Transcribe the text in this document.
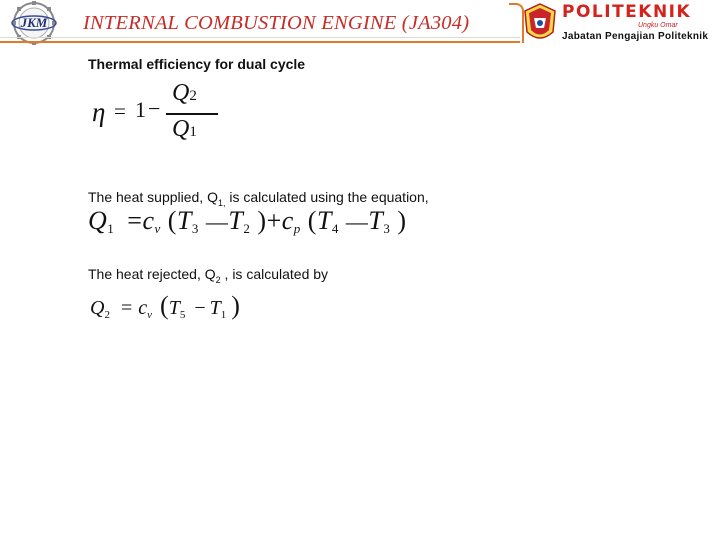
JKM INTERNAL COMBUSTION ENGINE (JA304)	POLITEKNIK
Ungku Omar
Jabatan Pengajian Politeknik
Thermal efficiency for dual cycle
η = 1 −
Q2
Q1
The heat supplied, $Q_{1,}$ is calculated using the equation,
Q1 =cv (T3 —T2 )+cp (T4 —T3 )
The heat rejected, $Q_2$ , is calculated by
$Q_2 = c_v$ ($T_5 - T_1$ )
